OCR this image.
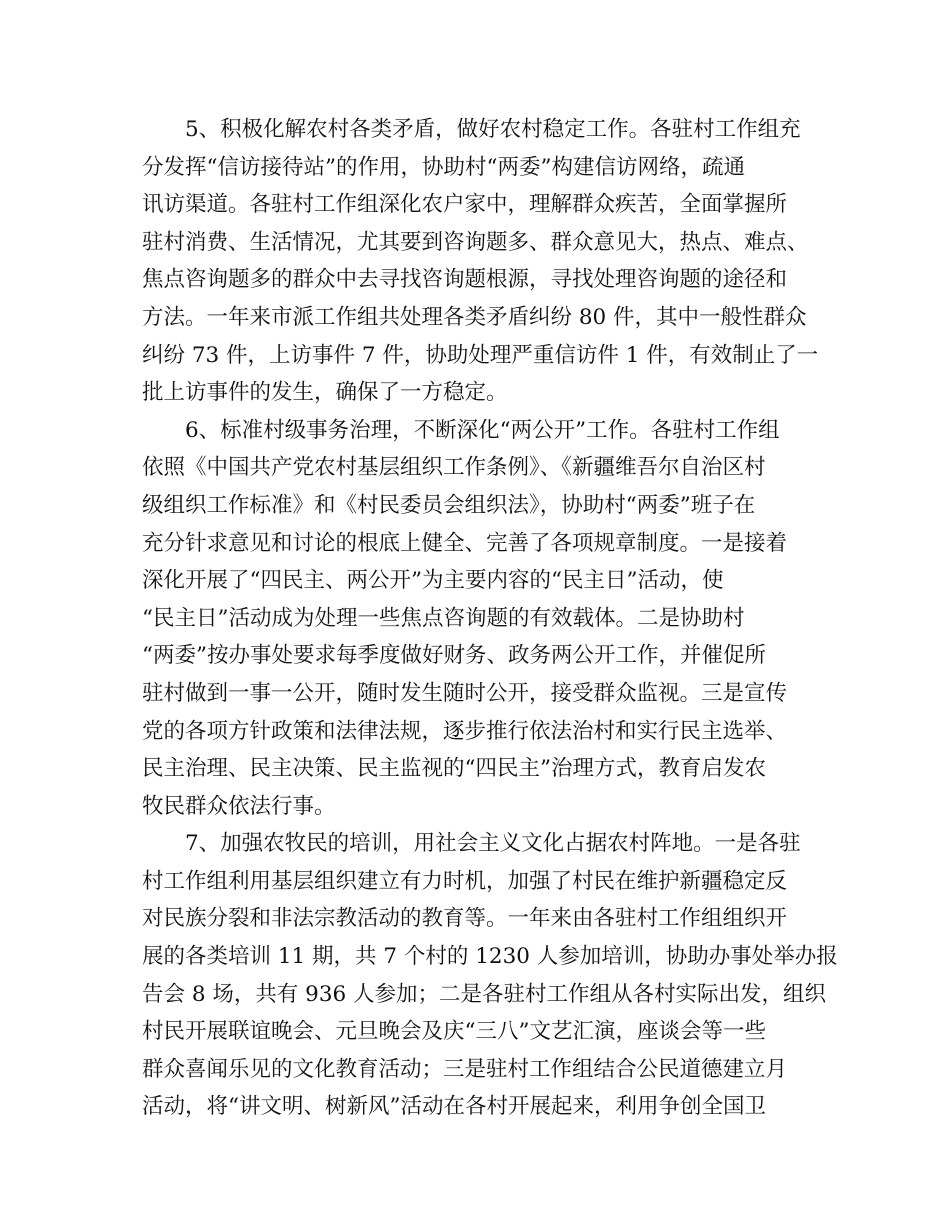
5、积极化解农村各类矛盾，做好农村稳定工作。各驻村工作组充
分发挥“信访接待站”的作用，协助村“两委”构建信访网络，疏通
讯访渠道。各驻村工作组深化农户家中，理解群众疾苦，全面掌握所
驻村消费、生活情况，尤其要到咨询题多、群众意见大，热点、难点、
焦点咨询题多的群众中去寻找咨询题根源，寻找处理咨询题的途径和
方法。一年来市派工作组共处理各类矛盾纠纷 80 件，其中一般性群众
纠纷 73 件，上访事件 7 件，协助处理严重信访件 1 件，有效制止了一
批上访事件的发生，确保了一方稳定。
6、标准村级事务治理，不断深化“两公开”工作。各驻村工作组
依照《中国共产党农村基层组织工作条例》、《新疆维吾尔自治区村
级组织工作标准》和《村民委员会组织法》，协助村“两委”班子在
充分针求意见和讨论的根底上健全、完善了各项规章制度。一是接着
深化开展了“四民主、两公开”为主要内容的“民主日”活动，使
“民主日”活动成为处理一些焦点咨询题的有效载体。二是协助村
“两委”按办事处要求每季度做好财务、政务两公开工作，并催促所
驻村做到一事一公开，随时发生随时公开，接受群众监视。三是宣传
党的各项方针政策和法律法规，逐步推行依法治村和实行民主选举、
民主治理、民主决策、民主监视的“四民主”治理方式，教育启发农
牧民群众依法行事。
7、加强农牧民的培训，用社会主义文化占据农村阵地。一是各驻
村工作组利用基层组织建立有力时机，加强了村民在维护新疆稳定反
对民族分裂和非法宗教活动的教育等。一年来由各驻村工作组组织开
展的各类培训 11 期，共 7 个村的 1230 人参加培训，协助办事处举办报
告会 8 场，共有 936 人参加；二是各驻村工作组从各村实际出发，组织
村民开展联谊晚会、元旦晚会及庆“三八”文艺汇演，座谈会等一些
群众喜闻乐见的文化教育活动；三是驻村工作组结合公民道德建立月
活动，将“讲文明、树新风”活动在各村开展起来，利用争创全国卫
